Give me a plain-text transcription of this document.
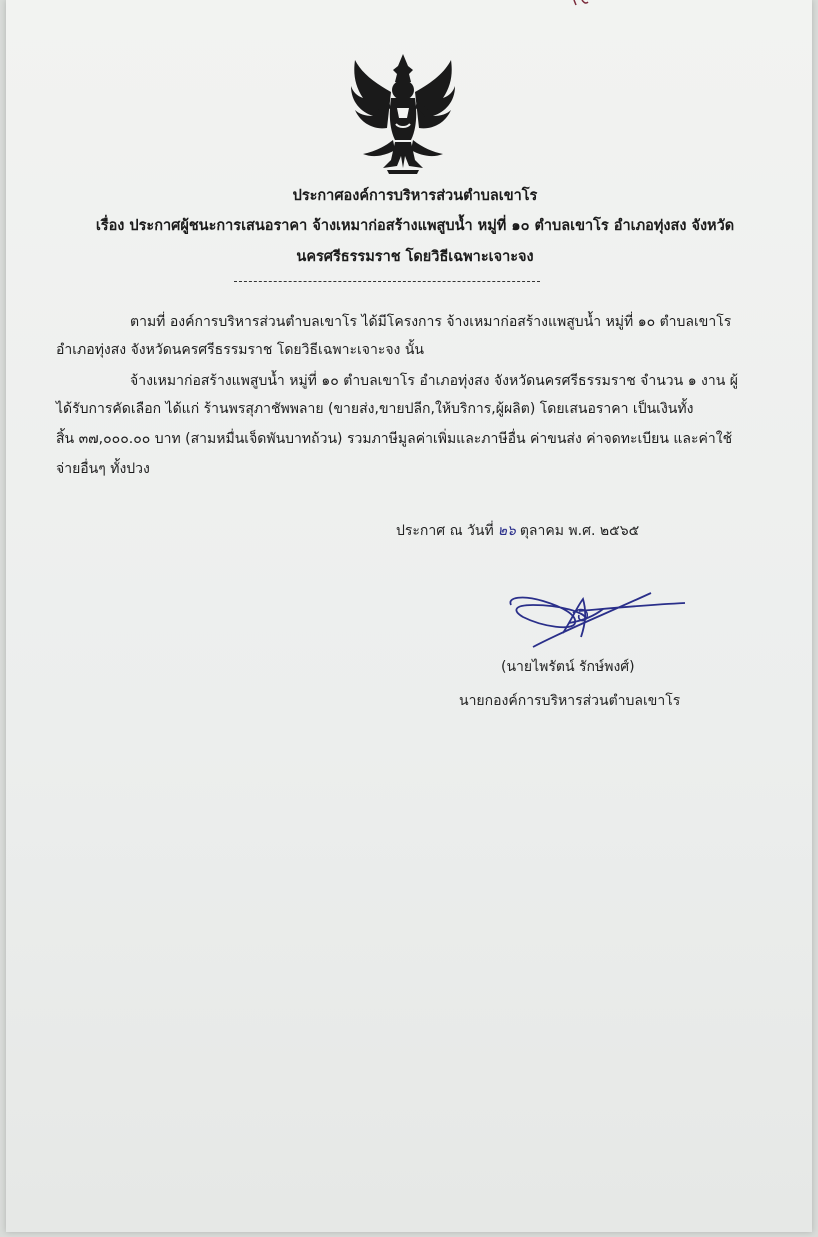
ประกาศองค์การบริหารส่วนตำบลเขาโร
เรื่อง ประกาศผู้ชนะการเสนอราคา จ้างเหมาก่อสร้างแพสูบน้ำ หมู่ที่ ๑๐ ตำบลเขาโร อำเภอทุ่งสง จังหวัด
นครศรีธรรมราช โดยวิธีเฉพาะเจาะจง
ตามที่ องค์การบริหารส่วนตำบลเขาโร ได้มีโครงการ จ้างเหมาก่อสร้างแพสูบน้ำ หมู่ที่ ๑๐ ตำบลเขาโร
อำเภอทุ่งสง จังหวัดนครศรีธรรมราช โดยวิธีเฉพาะเจาะจง นั้น
จ้างเหมาก่อสร้างแพสูบน้ำ หมู่ที่ ๑๐ ตำบลเขาโร อำเภอทุ่งสง จังหวัดนครศรีธรรมราช จำนวน ๑ งาน ผู้
ได้รับการคัดเลือก ได้แก่ ร้านพรสุภาชัพพลาย (ขายส่ง,ขายปลีก,ให้บริการ,ผู้ผลิต) โดยเสนอราคา เป็นเงินทั้ง
สิ้น ๓๗,๐๐๐.๐๐ บาท (สามหมื่นเจ็ดพันบาทถ้วน) รวมภาษีมูลค่าเพิ่มและภาษีอื่น ค่าขนส่ง ค่าจดทะเบียน และค่าใช้
จ่ายอื่นๆ ทั้งปวง
ประกาศ ณ วันที่ ๒๖ ตุลาคม พ.ศ. ๒๕๖๕
(นายไพรัตน์ รักษ์พงศ์)
นายกองค์การบริหารส่วนตำบลเขาโร
